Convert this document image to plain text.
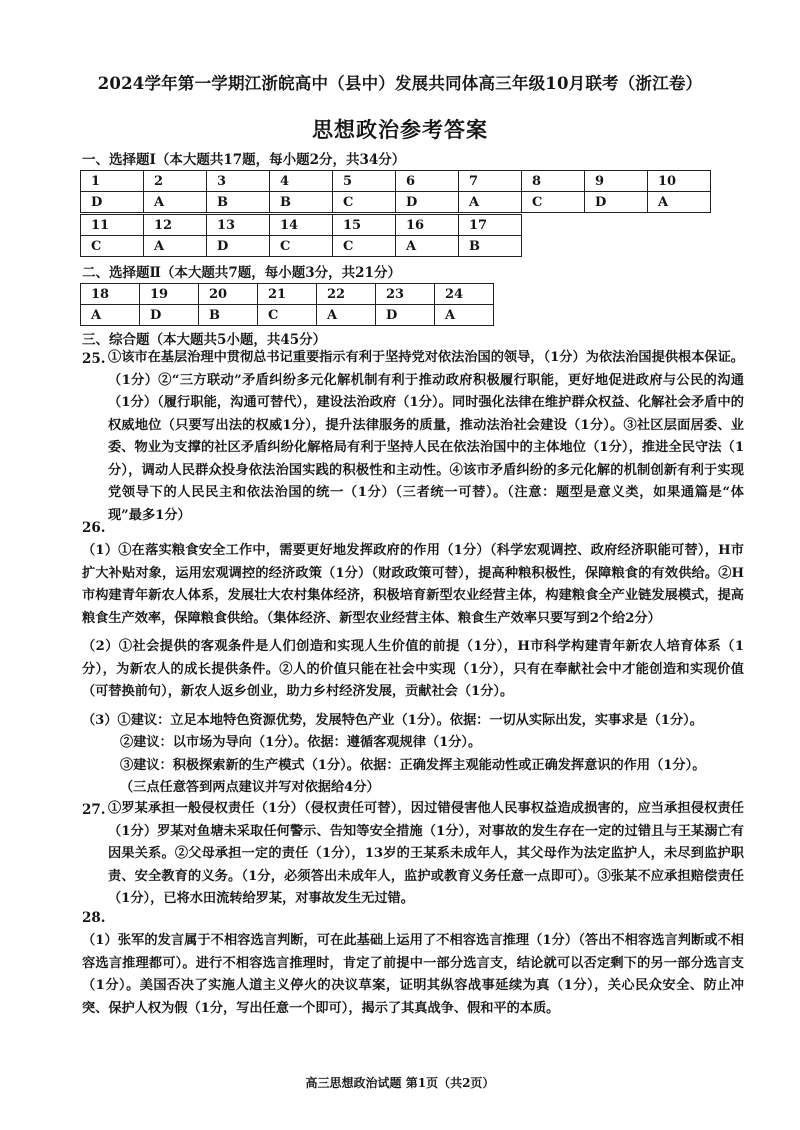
2024学年第一学期江浙皖高中（县中）发展共同体高三年级10月联考（浙江卷）
思想政治参考答案
一、选择题Ⅰ（本大题共17题，每小题2分，共34分）
1	2	3	4	5	6	7	8	9	10
D	A	B	B	C	D	A	C	D	A
11	12	13	14	15	16	17
C	A	D	C	C	A	B
二、选择题Ⅱ（本大题共7题，每小题3分，共21分）
18	19	20	21	22	23	24
A	D	B	C	A	D	A
三、综合题（本大题共5小题，共45分）
25. ①该市在基层治理中贯彻总书记重要指示有利于坚持党对依法治国的领导，（1分）为依法治国提供根本保证。（1分）②“三方联动”矛盾纠纷多元化解机制有利于推动政府积极履行职能，更好地促进政府与公民的沟通（1分）（履行职能，沟通可替代），建设法治政府（1分）。同时强化法律在维护群众权益、化解社会矛盾中的权威地位（只要写出法的权威1分），提升法律服务的质量，推动法治社会建设（1分）。③社区层面居委、业委、物业为支撑的社区矛盾纠纷化解格局有利于坚持人民在依法治国中的主体地位（1分），推进全民守法（1分），调动人民群众投身依法治国实践的积极性和主动性。④该市矛盾纠纷的多元化解的机制创新有利于实现党领导下的人民民主和依法治国的统一（1分）（三者统一可替）。（注意：题型是意义类，如果通篇是“体现”最多1分）

26.

（1）①在落实粮食安全工作中，需要更好地发挥政府的作用（1分）（科学宏观调控、政府经济职能可替），H市扩大补贴对象，运用宏观调控的经济政策（1分）（财政政策可替），提高种粮积极性，保障粮食的有效供给。②H市构建青年新农人体系，发展壮大农村集体经济，积极培育新型农业经营主体，构建粮食全产业链发展模式，提高粮食生产效率，保障粮食供给。（集体经济、新型农业经营主体、粮食生产效率只要写到2个给2分）

（2）①社会提供的客观条件是人们创造和实现人生价值的前提（1分），H市科学构建青年新农人培育体系（1分），为新农人的成长提供条件。②人的价值只能在社会中实现（1分），只有在奉献社会中才能创造和实现价值（可替换前句），新农人返乡创业，助力乡村经济发展，贡献社会（1分）。

（3）①建议：立足本地特色资源优势，发展特色产业（1分）。依据：一切从实际出发，实事求是（1分）。

②建议：以市场为导向（1分）。依据：遵循客观规律（1分）。

③建议：积极探索新的生产模式（1分）。依据：正确发挥主观能动性或正确发挥意识的作用（1分）。

（三点任意答到两点建议并写对依据给4分）

27. ①罗某承担一般侵权责任（1分）（侵权责任可替），因过错侵害他人民事权益造成损害的，应当承担侵权责任（1分）罗某对鱼塘未采取任何警示、告知等安全措施（1分），对事故的发生存在一定的过错且与王某溺亡有因果关系。②父母承担一定的责任（1分），13岁的王某系未成年人，其父母作为法定监护人，未尽到监护职责、安全教育的义务。（1分，必须答出未成年人，监护或教育义务任意一点即可）。③张某不应承担赔偿责任（1分），已将水田流转给罗某，对事故发生无过错。

28.

（1）张军的发言属于不相容选言判断，可在此基础上运用了不相容选言推理（1分）（答出不相容选言判断或不相容选言推理都可）。进行不相容选言推理时，肯定了前提中一部分选言支，结论就可以否定剩下的另一部分选言支（1分）。美国否决了实施人道主义停火的决议草案，证明其纵容战事延续为真（1分），关心民众安全、防止冲突、保护人权为假（1分，写出任意一个即可），揭示了其真战争、假和平的本质。

高三思想政治试题 第1页（共2页）
